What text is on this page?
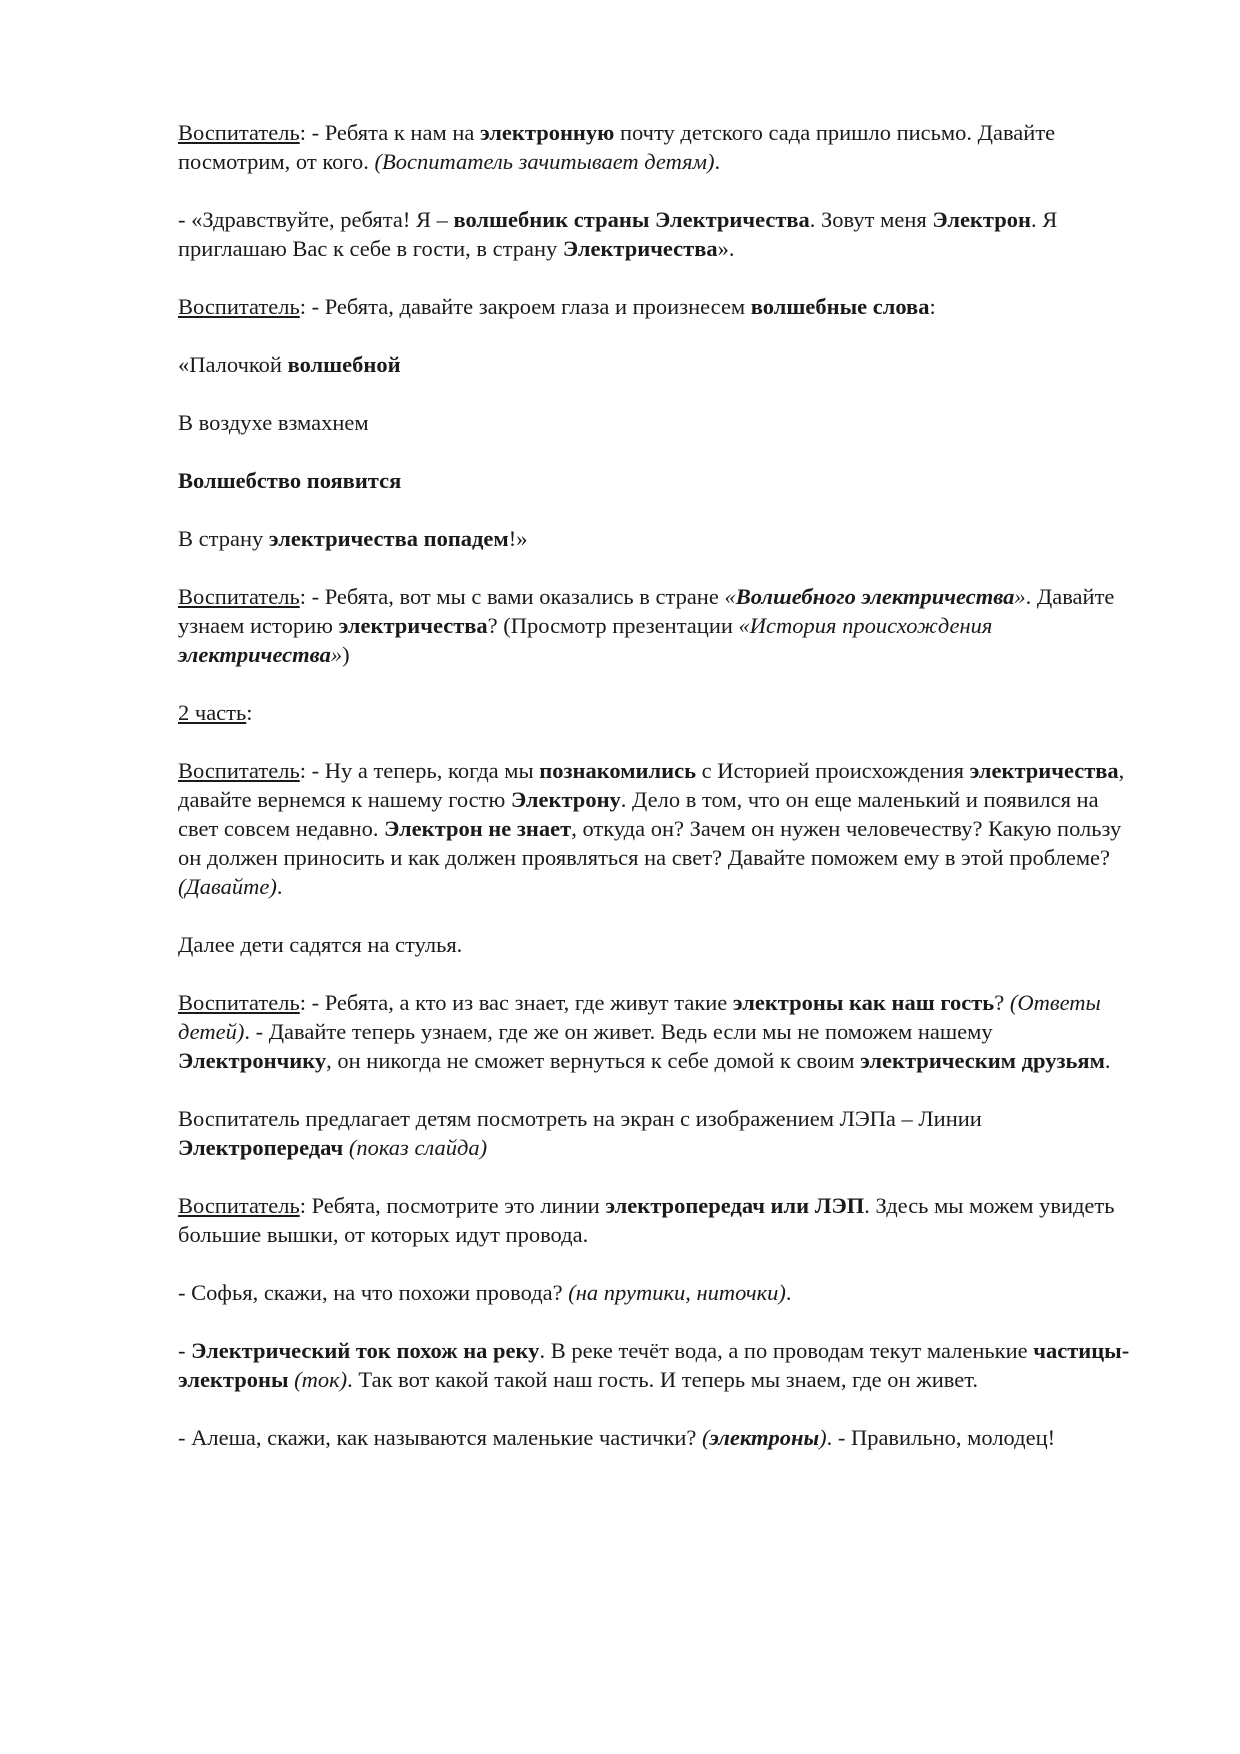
Воспитатель: - Ребята к нам на электронную почту детского сада пришло письмо. Давайте посмотрим, от кого. (Воспитатель зачитывает детям).

- «Здравствуйте, ребята! Я – волшебник страны Электричества. Зовут меня Электрон. Я приглашаю Вас к себе в гости, в страну Электричества».

Воспитатель: - Ребята, давайте закроем глаза и произнесем волшебные слова:

«Палочкой волшебной

В воздухе взмахнем

Волшебство появится

В страну электричества попадем!»

Воспитатель: - Ребята, вот мы с вами оказались в стране «Волшебного электричества». Давайте узнаем историю электричества? (Просмотр презентации «История происхождения электричества»)

2 часть:

Воспитатель: - Ну а теперь, когда мы познакомились с Историей происхождения электричества, давайте вернемся к нашему гостю Электрону. Дело в том, что он еще маленький и появился на свет совсем недавно. Электрон не знает, откуда он? Зачем он нужен человечеству? Какую пользу он должен приносить и как должен проявляться на свет? Давайте поможем ему в этой проблеме? (Давайте).

Далее дети садятся на стулья.

Воспитатель: - Ребята, а кто из вас знает, где живут такие электроны как наш гость? (Ответы детей). - Давайте теперь узнаем, где же он живет. Ведь если мы не поможем нашему Электрончику, он никогда не сможет вернуться к себе домой к своим электрическим друзьям.

Воспитатель предлагает детям посмотреть на экран с изображением ЛЭПа – Линии Электропередач (показ слайда)

Воспитатель: Ребята, посмотрите это линии электропередач или ЛЭП. Здесь мы можем увидеть большие вышки, от которых идут провода.

- Софья, скажи, на что похожи провода? (на прутики, ниточки).

- Электрический ток похож на реку. В реке течёт вода, а по проводам текут маленькие частицы-электроны (ток). Так вот какой такой наш гость. И теперь мы знаем, где он живет.

- Алеша, скажи, как называются маленькие частички? (электроны). - Правильно, молодец!
